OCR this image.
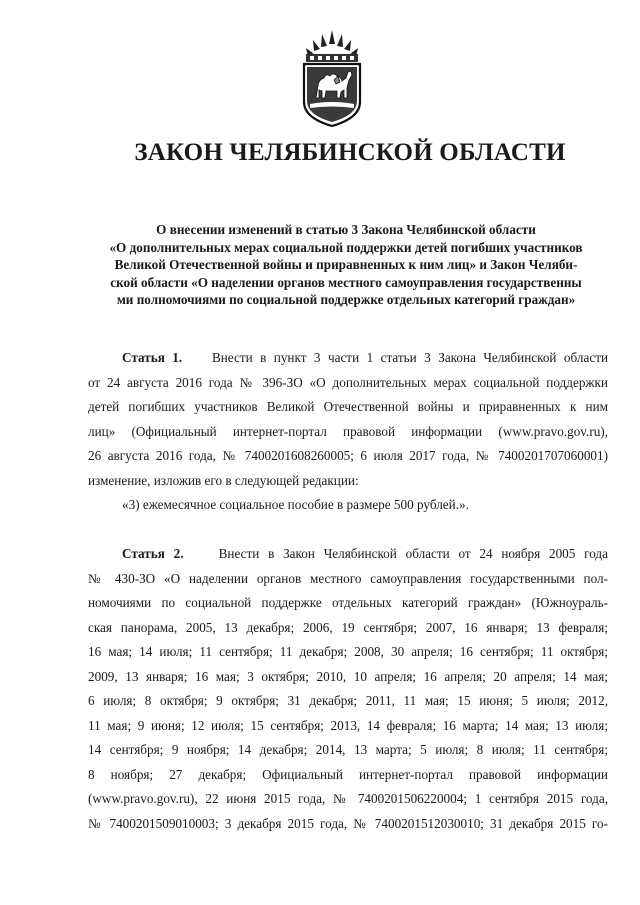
ЗАКОН ЧЕЛЯБИНСКОЙ ОБЛАСТИ
О внесении изменений в статью 3 Закона Челябинской области
«О дополнительных мерах социальной поддержки детей погибших участников
Великой Отечественной войны и приравненных к ним лиц» и Закон Челяби-
ской области «О наделении органов местного самоуправления государственны
ми полномочиями по социальной поддержке отдельных категорий граждан»
Статья 1. Внести в пункт 3 части 1 статьи 3 Закона Челябинской области
от 24 августа 2016 года № 396-ЗО «О дополнительных мерах социальной поддержки
детей погибших участников Великой Отечественной войны и приравненных к ним
лиц» (Официальный интернет-портал правовой информации (www.pravo.gov.ru),
26 августа 2016 года, № 7400201608260005; 6 июля 2017 года, № 7400201707060001)
изменение, изложив его в следующей редакции:
«3) ежемесячное социальное пособие в размере 500 рублей.».
Статья 2.	Внести в Закон Челябинской области от 24 ноября 2005 года
№ 430-ЗО «О наделении органов местного самоуправления государственными пол-
номочиями по социальной поддержке отдельных категорий граждан» (Южноураль-
ская панорама, 2005, 13 декабря; 2006, 19 сентября; 2007, 16 января; 13 февраля;
16 мая; 14 июля; 11 сентября; 11 декабря; 2008, 30 апреля; 16 сентября; 11 октября;
2009, 13 января; 16 мая; 3 октября; 2010, 10 апреля; 16 апреля; 20 апреля; 14 мая;
6 июля; 8 октября; 9 октября; 31 декабря; 2011, 11 мая; 15 июня; 5 июля; 2012,
11 мая; 9 июня; 12 июля; 15 сентября; 2013, 14 февраля; 16 марта; 14 мая; 13 июля;
14 сентября; 9 ноября; 14 декабря; 2014, 13 марта; 5 июля; 8 июля; 11 сентября;
8 ноября; 27 декабря; Официальный интернет-портал правовой информации
(www.pravo.gov.ru), 22 июня 2015 года, № 7400201506220004; 1 сентября 2015 года,
№ 7400201509010003; 3 декабря 2015 года, № 7400201512030010; 31 декабря 2015 го-
